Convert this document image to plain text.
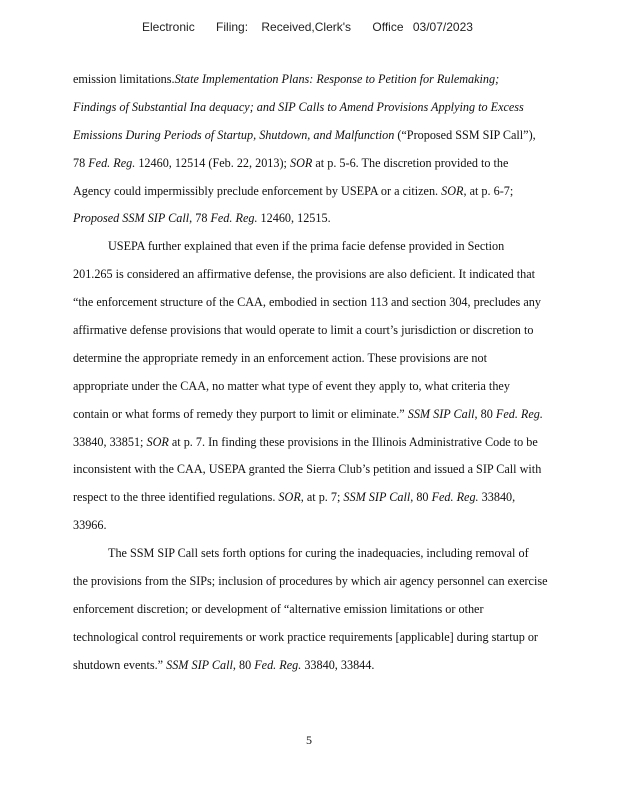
Electronic Filing: Received,Clerk's Office 03/07/2023
emission limitations.State Implementation Plans: Response to Petition for Rulemaking;
Findings of Substantial Ina dequacy; and SIP Calls to Amend Provisions Applying to Excess
Emissions During Periods of Startup, Shutdown, and Malfunction (“Proposed SSM SIP Call”),
78 Fed. Reg. 12460, 12514 (Feb. 22, 2013); SOR at p. 5-6. The discretion provided to the
Agency could impermissibly preclude enforcement by USEPA or a citizen. SOR, at p. 6-7;
Proposed SSM SIP Call, 78 Fed. Reg. 12460, 12515.
USEPA further explained that even if the prima facie defense provided in Section
201.265 is considered an affirmative defense, the provisions are also deficient. It indicated that
“the enforcement structure of the CAA, embodied in section 113 and section 304, precludes any
affirmative defense provisions that would operate to limit a court’s jurisdiction or discretion to
determine the appropriate remedy in an enforcement action. These provisions are not
appropriate under the CAA, no matter what type of event they apply to, what criteria they
contain or what forms of remedy they purport to limit or eliminate.” SSM SIP Call, 80 Fed. Reg.
33840, 33851; SOR at p. 7. In finding these provisions in the Illinois Administrative Code to be
inconsistent with the CAA, USEPA granted the Sierra Club’s petition and issued a SIP Call with
respect to the three identified regulations. SOR, at p. 7; SSM SIP Call, 80 Fed. Reg. 33840,
33966.
The SSM SIP Call sets forth options for curing the inadequacies, including removal of
the provisions from the SIPs; inclusion of procedures by which air agency personnel can exercise
enforcement discretion; or development of “alternative emission limitations or other
technological control requirements or work practice requirements [applicable] during startup or
shutdown events.” SSM SIP Call, 80 Fed. Reg. 33840, 33844.
5
